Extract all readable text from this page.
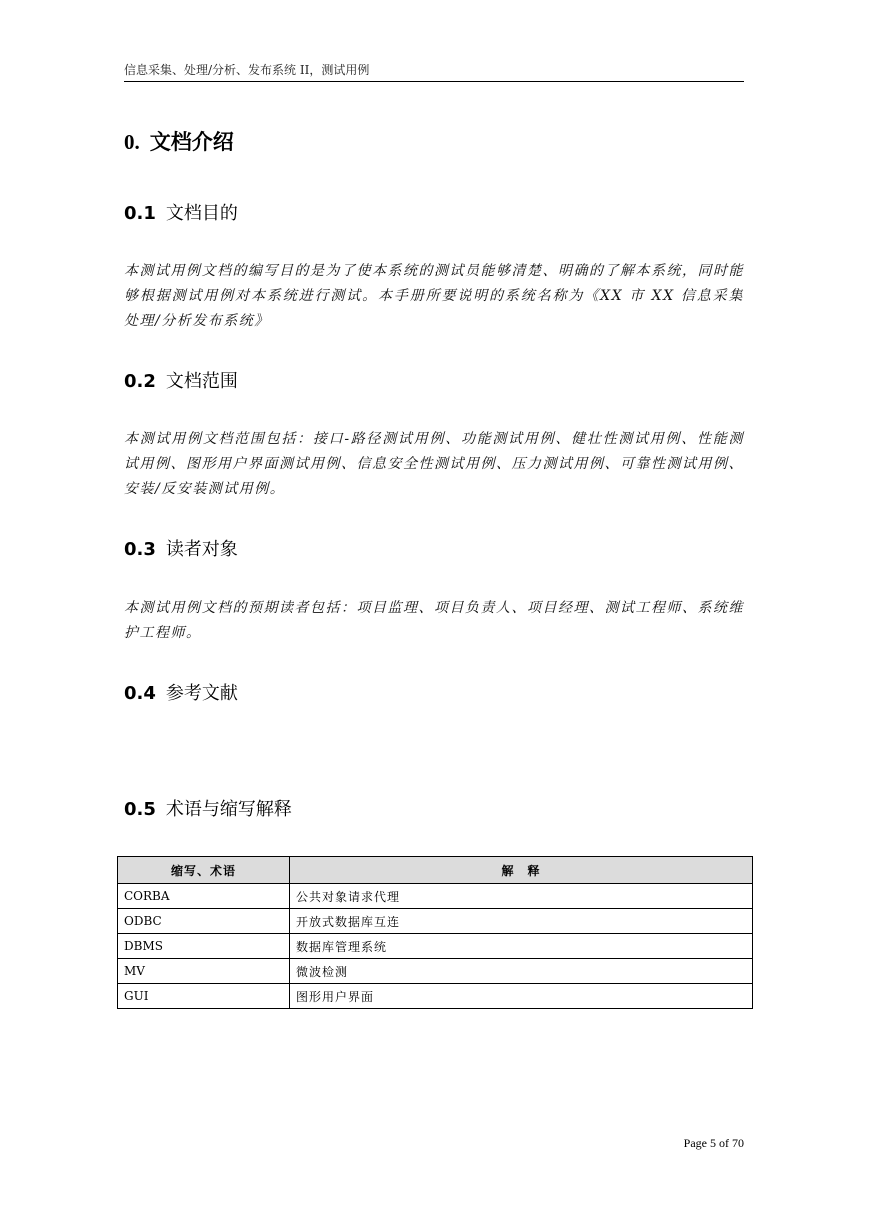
信息采集、处理/分析、发布系统 II，测试用例
0. 文档介绍
0.1 文档目的
本测试用例文档的编写目的是为了使本系统的测试员能够清楚、明确的了解本系统，同时能够根据测试用例对本系统进行测试。本手册所要说明的系统名称为《XX 市 XX 信息采集处理/分析发布系统》
0.2 文档范围
本测试用例文档范围包括：接口-路径测试用例、功能测试用例、健壮性测试用例、性能测试用例、图形用户界面测试用例、信息安全性测试用例、压力测试用例、可靠性测试用例、安装/反安装测试用例。
0.3 读者对象
本测试用例文档的预期读者包括：项目监理、项目负责人、项目经理、测试工程师、系统维护工程师。
0.4 参考文献
0.5 术语与缩写解释
缩写、术语	解　释
CORBA	公共对象请求代理
ODBC	开放式数据库互连
DBMS	数据库管理系统
MV	微波检测
GUI	图形用户界面
Page 5 of 70
